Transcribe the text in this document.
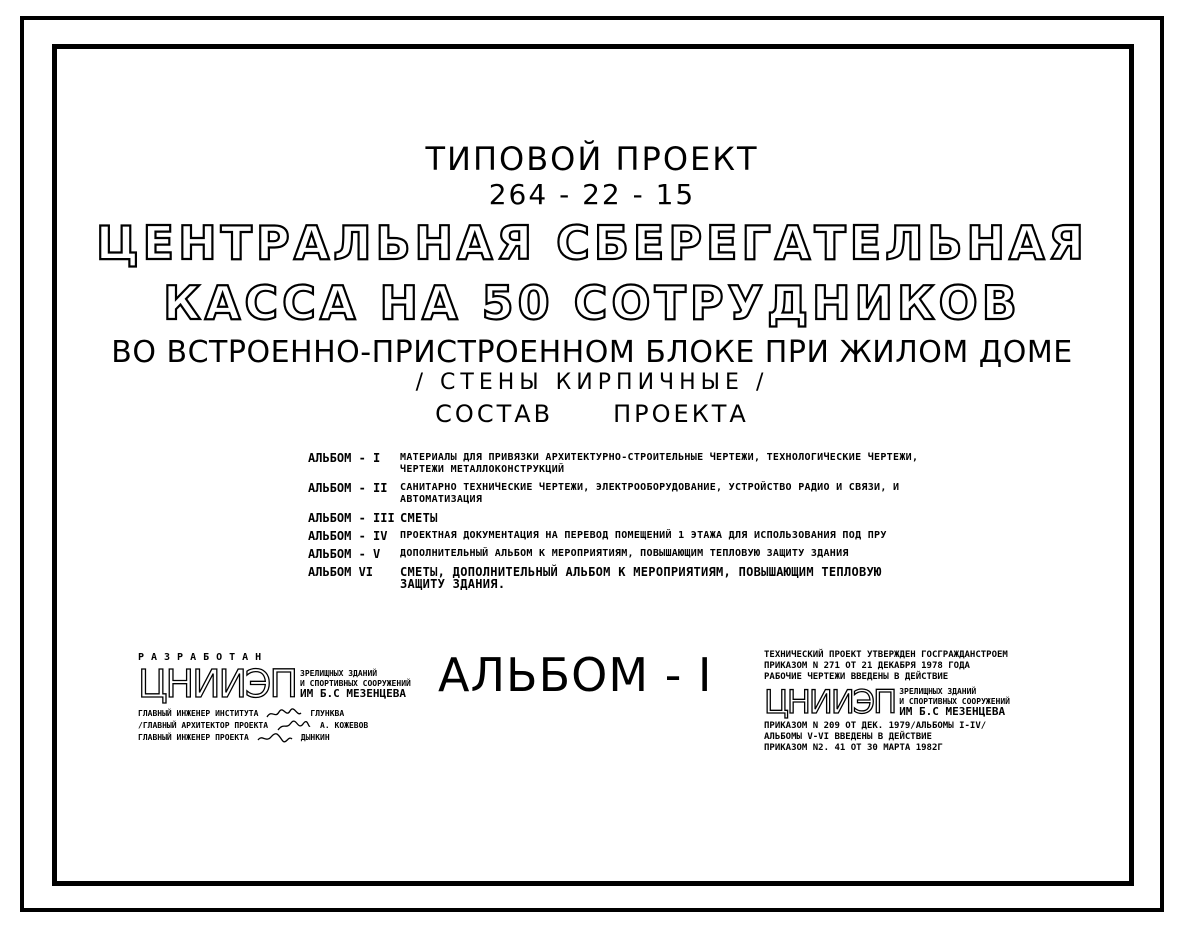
ТИПОВОЙ ПРОЕКТ
264 - 22 - 15
ЦЕНТРАЛЬНАЯ СБЕРЕГАТЕЛЬНАЯ
КАССА НА 50 СОТРУДНИКОВ
ВО ВСТРОЕННО-ПРИСТРОЕННОМ БЛОКЕ ПРИ ЖИЛОМ ДОМЕ
/ СТЕНЫ КИРПИЧНЫЕ /
СОСТАВ	ПРОЕКТА
АЛЬБОМ - I	МАТЕРИАЛЫ ДЛЯ ПРИВЯЗКИ АРХИТЕКТУРНО-СТРОИТЕЛЬНЫЕ ЧЕРТЕЖИ, ТЕХНОЛОГИЧЕСКИЕ ЧЕРТЕЖИ, ЧЕРТЕЖИ МЕТАЛЛОКОНСТРУКЦИЙ
АЛЬБОМ - II	САНИТАРНО ТЕХНИЧЕСКИЕ ЧЕРТЕЖИ, ЭЛЕКТРООБОРУДОВАНИЕ, УСТРОЙСТВО РАДИО И СВЯЗИ, И АВТОМАТИЗАЦИЯ
АЛЬБОМ - III СМЕТЫ
АЛЬБОМ - IV	ПРОЕКТНАЯ ДОКУМЕНТАЦИЯ НА ПЕРЕВОД ПОМЕЩЕНИЙ 1 ЭТАЖА ДЛЯ ИСПОЛЬЗОВАНИЯ ПОД ПРУ
АЛЬБОМ - V	ДОПОЛНИТЕЛЬНЫЙ АЛЬБОМ К МЕРОПРИЯТИЯМ, ПОВЫШАЮЩИМ ТЕПЛОВУЮ ЗАЩИТУ ЗДАНИЯ
АЛЬБОМ VI	СМЕТЫ, ДОПОЛНИТЕЛЬНЫЙ АЛЬБОМ К МЕРОПРИЯТИЯМ, ПОВЫШАЮЩИМ ТЕПЛОВУЮ ЗАЩИТУ ЗДАНИЯ.
РАЗРАБОТАН
ЦНИИЭП ЗРЕЛИЩНЫХ ЗДАНИЙ
И СПОРТИВНЫХ СООРУЖЕНИЙ
ИМ Б.С МЕЗЕНЦЕВА
ГЛАВНЫЙ ИНЖЕНЕР ИНСТИТУТА	ГЛУНКВА
/ГЛАВНЫЙ АРХИТЕКТОР ПРОЕКТА	А. КОЖЕВОВ
ГЛАВНЫЙ ИНЖЕНЕР ПРОЕКТА	ДЫНКИН
АЛЬБОМ - I	ТЕХНИЧЕСКИЙ ПРОЕКТ УТВЕРЖДЕН ГОСГРАЖДАНСТРОЕМ
ПРИКАЗОМ N 271 ОТ 21 ДЕКАБРЯ 1978 ГОДА
РАБОЧИЕ ЧЕРТЕЖИ ВВЕДЕНЫ В ДЕЙСТВИЕ
ЦНИИЭП ЗРЕЛИЩНЫХ ЗДАНИЙ
И СПОРТИВНЫХ СООРУЖЕНИЙ
ИМ Б.С МЕЗЕНЦЕВА
ПРИКАЗОМ N 209 ОТ ДЕК. 1979/АЛЬБОМЫ I-IV/
АЛЬБОМЫ V-VI ВВЕДЕНЫ В ДЕЙСТВИЕ
ПРИКАЗОМ N2. 41 ОТ 30 МАРТА 1982Г
